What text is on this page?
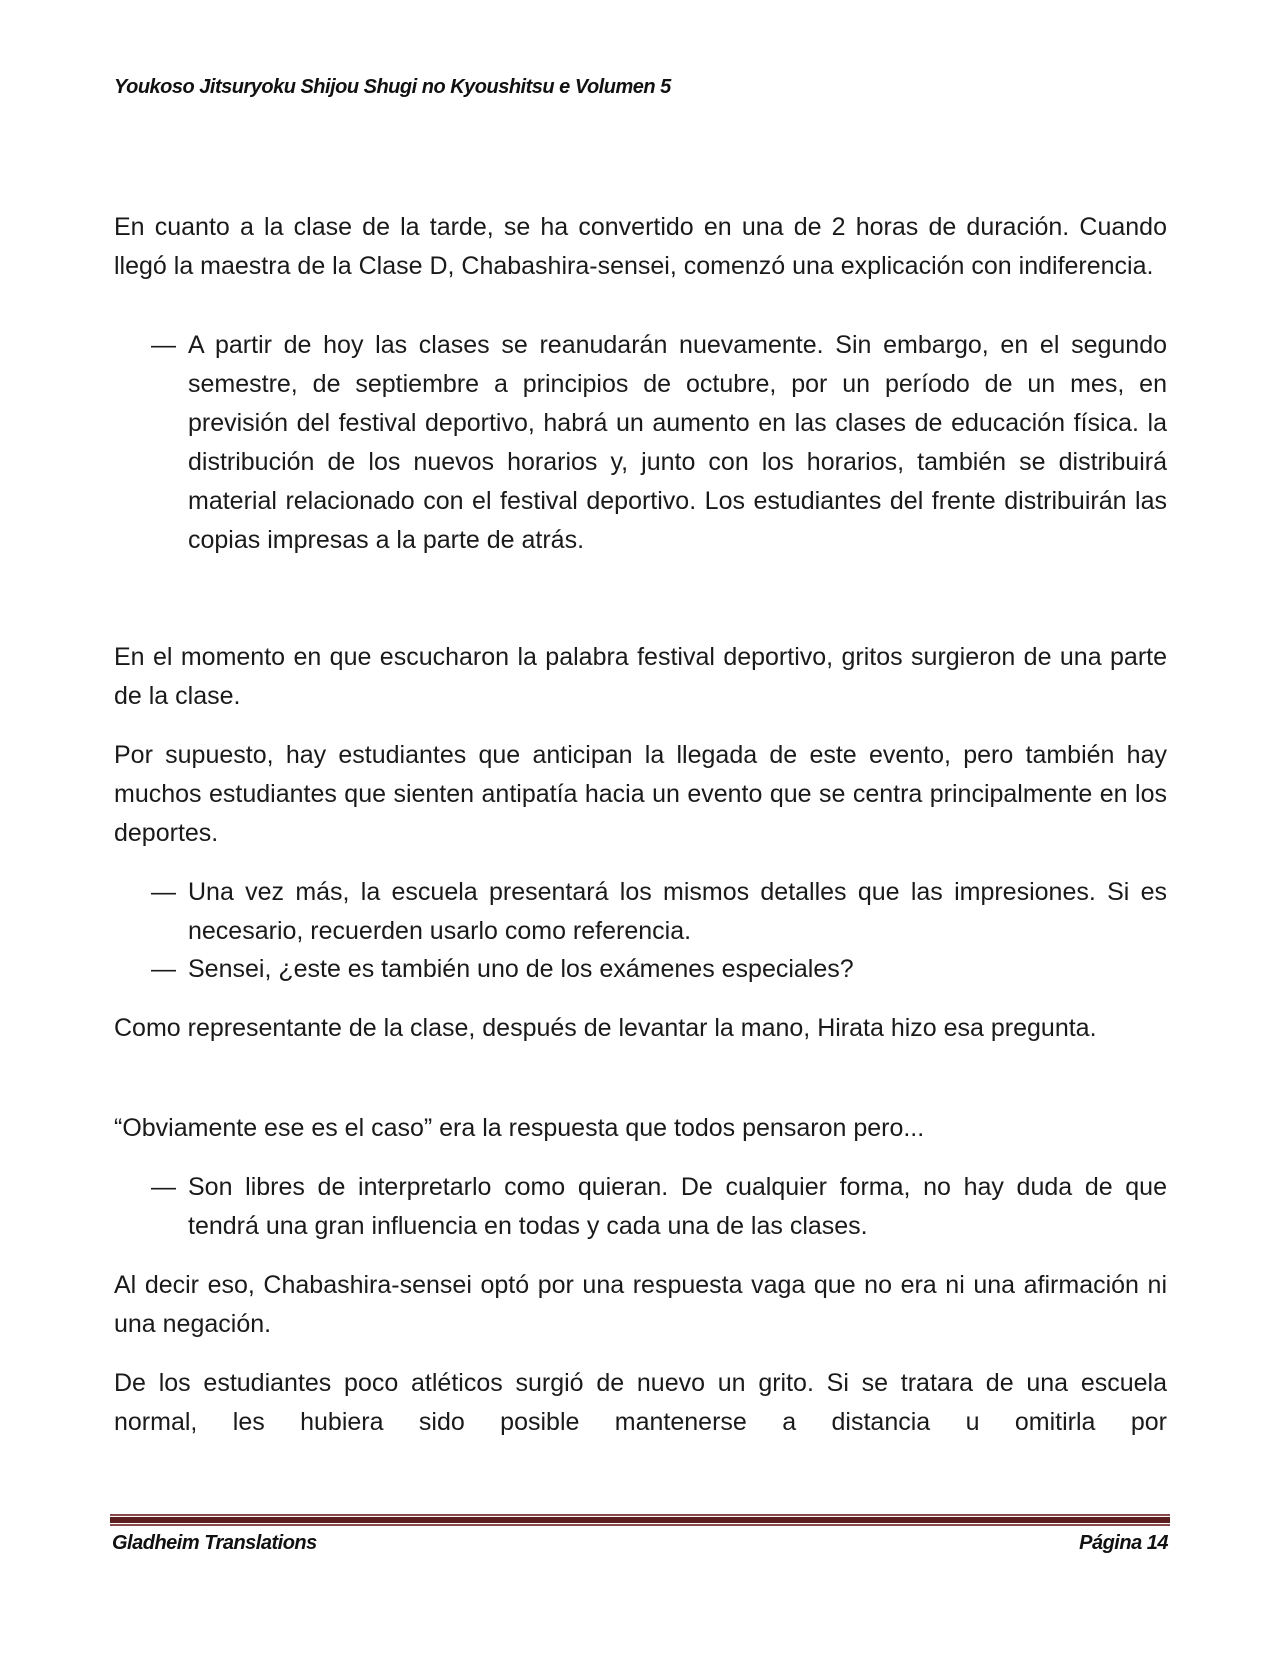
Youkoso Jitsuryoku Shijou Shugi no Kyoushitsu e Volumen 5

En cuanto a la clase de la tarde, se ha convertido en una de 2 horas de duración. Cuando llegó la maestra de la Clase D, Chabashira-sensei, comenzó una explicación con indiferencia.

— A partir de hoy las clases se reanudarán nuevamente. Sin embargo, en el segundo semestre, de septiembre a principios de octubre, por un período de un mes, en previsión del festival deportivo, habrá un aumento en las clases de educación física. la distribución de los nuevos horarios y, junto con los horarios, también se distribuirá material relacionado con el festival deportivo. Los estudiantes del frente distribuirán las copias impresas a la parte de atrás.

En el momento en que escucharon la palabra festival deportivo, gritos surgieron de una parte de la clase.

Por supuesto, hay estudiantes que anticipan la llegada de este evento, pero también hay muchos estudiantes que sienten antipatía hacia un evento que se centra principalmente en los deportes.

— Una vez más, la escuela presentará los mismos detalles que las impresiones. Si es necesario, recuerden usarlo como referencia.
— Sensei, ¿este es también uno de los exámenes especiales?

Como representante de la clase, después de levantar la mano, Hirata hizo esa pregunta.

“Obviamente ese es el caso” era la respuesta que todos pensaron pero...

— Son libres de interpretarlo como quieran. De cualquier forma, no hay duda de que tendrá una gran influencia en todas y cada una de las clases.

Al decir eso, Chabashira-sensei optó por una respuesta vaga que no era ni una afirmación ni una negación.

De los estudiantes poco atléticos surgió de nuevo un grito. Si se tratara de una escuela normal, les hubiera sido posible mantenerse a distancia u omitirla por

Gladheim Translations	Página 14
